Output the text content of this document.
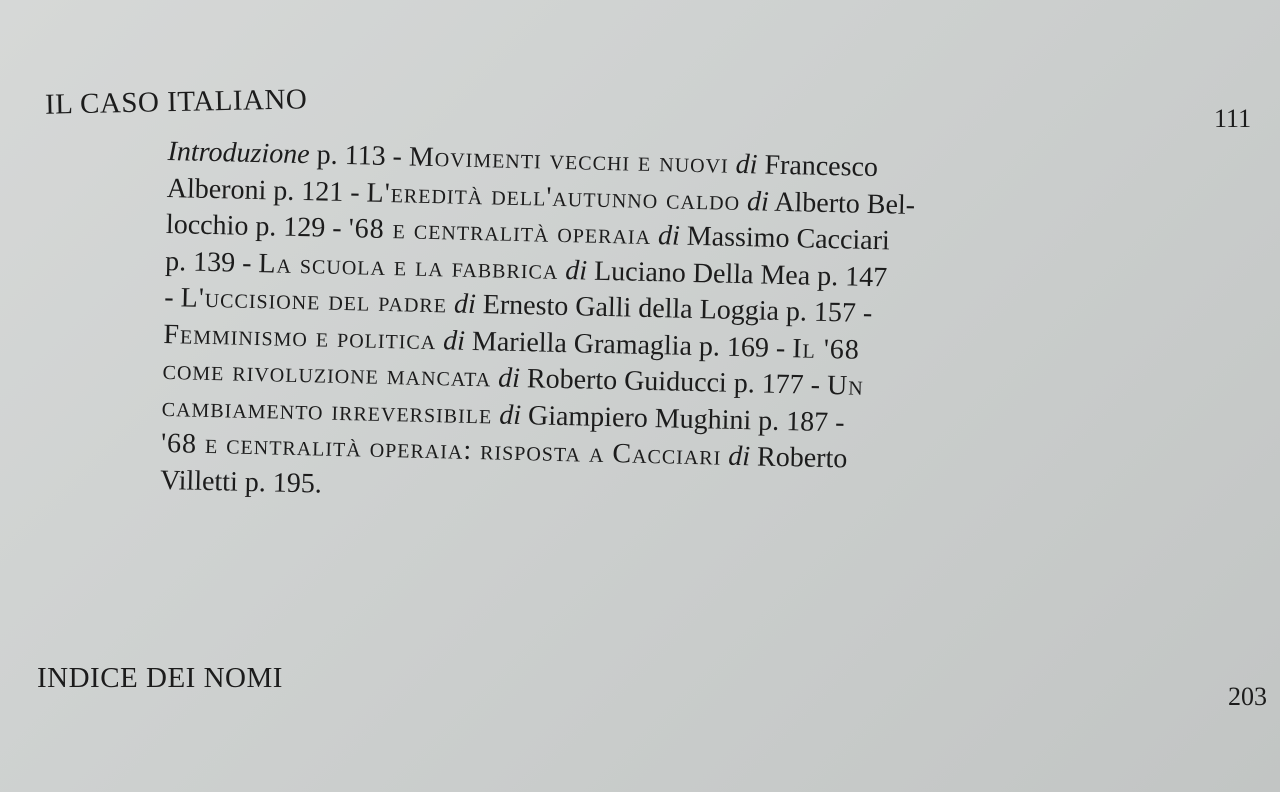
IL CASO ITALIANO	111
Introduzione p. 113 - Movimenti vecchi e nuovi di Francesco
Alberoni p. 121 - L'eredità dell'autunno caldo di Alberto Bel-
locchio p. 129 - '68 e centralità operaia di Massimo Cacciari
p. 139 - La scuola e la fabbrica di Luciano Della Mea p. 147
- L'uccisione del padre di Ernesto Galli della Loggia p. 157 -
Femminismo e politica di Mariella Gramaglia p. 169 - Il '68
come rivoluzione mancata di Roberto Guiducci p. 177 - Un
cambiamento irreversibile di Giampiero Mughini p. 187 -
'68 e centralità operaia: risposta a Cacciari di Roberto
Villetti p. 195.
INDICE DEI NOMI
203
